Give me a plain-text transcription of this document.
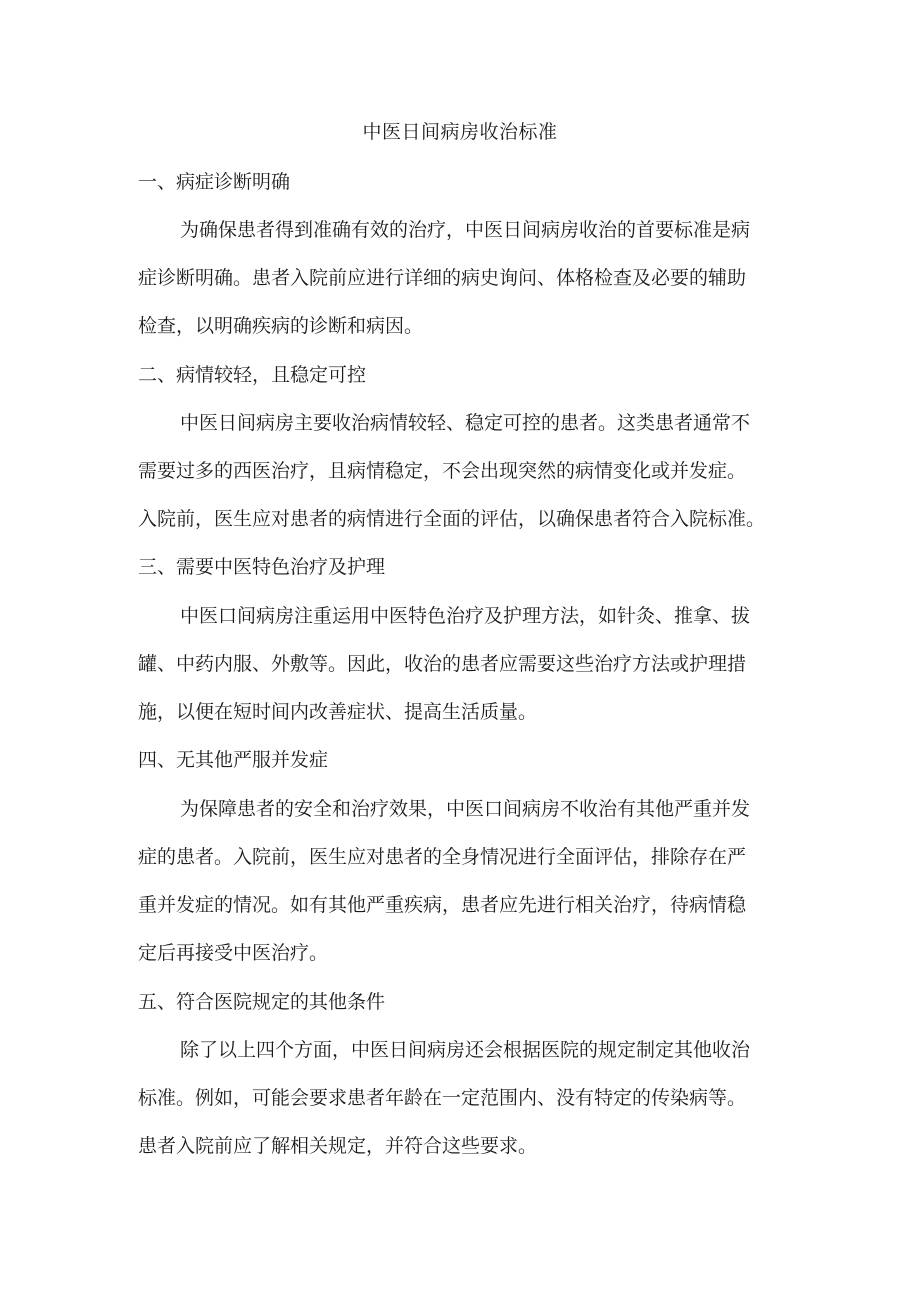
中医日间病房收治标准
一、病症诊断明确
为确保患者得到准确有效的治疗，中医日间病房收治的首要标准是病
症诊断明确。患者入院前应进行详细的病史询问、体格检查及必要的辅助
检查，以明确疾病的诊断和病因。
二、病情较轻，且稳定可控
中医日间病房主要收治病情较轻、稳定可控的患者。这类患者通常不
需要过多的西医治疗，且病情稳定，不会出现突然的病情变化或并发症。
入院前，医生应对患者的病情进行全面的评估，以确保患者符合入院标准。
三、需要中医特色治疗及护理
中医口间病房注重运用中医特色治疗及护理方法，如针灸、推拿、拔
罐、中药内服、外敷等。因此，收治的患者应需要这些治疗方法或护理措
施，以便在短时间内改善症状、提高生活质量。
四、无其他严服并发症
为保障患者的安全和治疗效果，中医口间病房不收治有其他严重并发
症的患者。入院前，医生应对患者的全身情况进行全面评估，排除存在严
重并发症的情况。如有其他严重疾病，患者应先进行相关治疗，待病情稳
定后再接受中医治疗。
五、符合医院规定的其他条件
除了以上四个方面，中医日间病房还会根据医院的规定制定其他收治
标准。例如，可能会要求患者年龄在一定范围内、没有特定的传染病等。
患者入院前应了解相关规定，并符合这些要求。
